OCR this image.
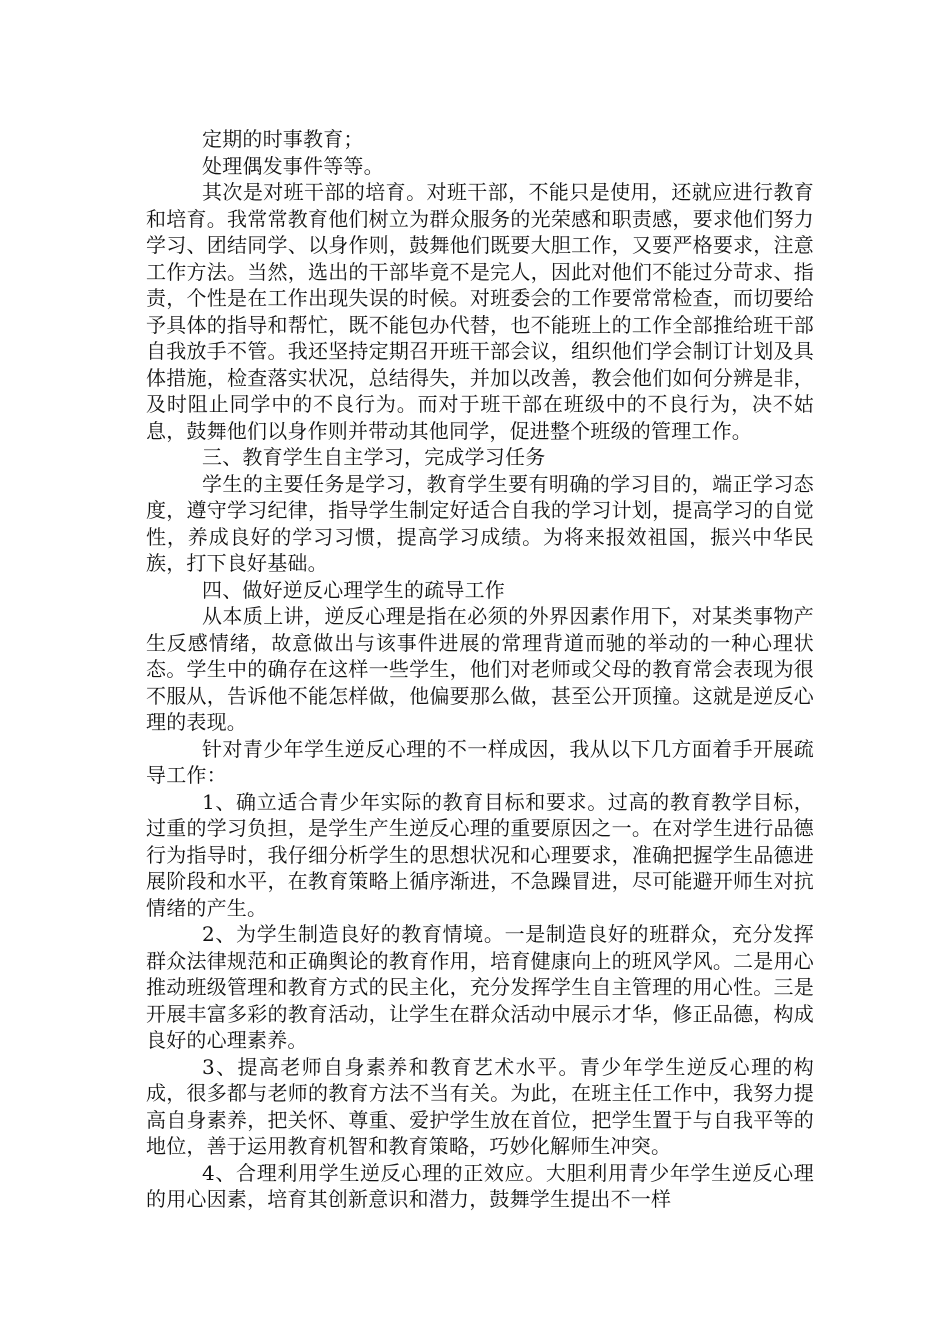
定期的时事教育；

处理偶发事件等等。

其次是对班干部的培育。对班干部，不能只是使用，还就应进行教育和培育。我常常教育他们树立为群众服务的光荣感和职责感，要求他们努力学习、团结同学、以身作则，鼓舞他们既要大胆工作，又要严格要求，注意工作方法。当然，选出的干部毕竟不是完人，因此对他们不能过分苛求、指责，个性是在工作出现失误的时候。对班委会的工作要常常检查，而切要给予具体的指导和帮忙，既不能包办代替，也不能班上的工作全部推给班干部自我放手不管。我还坚持定期召开班干部会议，组织他们学会制订计划及具体措施，检查落实状况，总结得失，并加以改善，教会他们如何分辨是非，及时阻止同学中的不良行为。而对于班干部在班级中的不良行为，决不姑息，鼓舞他们以身作则并带动其他同学，促进整个班级的管理工作。

三、教育学生自主学习，完成学习任务

学生的主要任务是学习，教育学生要有明确的学习目的，端正学习态度，遵守学习纪律，指导学生制定好适合自我的学习计划，提高学习的自觉性，养成良好的学习习惯，提高学习成绩。为将来报效祖国，振兴中华民族，打下良好基础。

四、做好逆反心理学生的疏导工作

从本质上讲，逆反心理是指在必须的外界因素作用下，对某类事物产生反感情绪，故意做出与该事件进展的常理背道而驰的举动的一种心理状态。学生中的确存在这样一些学生，他们对老师或父母的教育常会表现为很不服从，告诉他不能怎样做，他偏要那么做，甚至公开顶撞。这就是逆反心理的表现。

针对青少年学生逆反心理的不一样成因，我从以下几方面着手开展疏导工作：

1、确立适合青少年实际的教育目标和要求。过高的教育教学目标，过重的学习负担，是学生产生逆反心理的重要原因之一。在对学生进行品德行为指导时，我仔细分析学生的思想状况和心理要求，准确把握学生品德进展阶段和水平，在教育策略上循序渐进，不急躁冒进，尽可能避开师生对抗情绪的产生。

2、为学生制造良好的教育情境。一是制造良好的班群众，充分发挥群众法律规范和正确舆论的教育作用，培育健康向上的班风学风。二是用心推动班级管理和教育方式的民主化，充分发挥学生自主管理的用心性。三是开展丰富多彩的教育活动，让学生在群众活动中展示才华，修正品德，构成良好的心理素养。

3、提高老师自身素养和教育艺术水平。青少年学生逆反心理的构成，很多都与老师的教育方法不当有关。为此，在班主任工作中，我努力提高自身素养，把关怀、尊重、爱护学生放在首位，把学生置于与自我平等的地位，善于运用教育机智和教育策略，巧妙化解师生冲突。

4、合理利用学生逆反心理的正效应。大胆利用青少年学生逆反心理的用心因素，培育其创新意识和潜力，鼓舞学生提出不一样
